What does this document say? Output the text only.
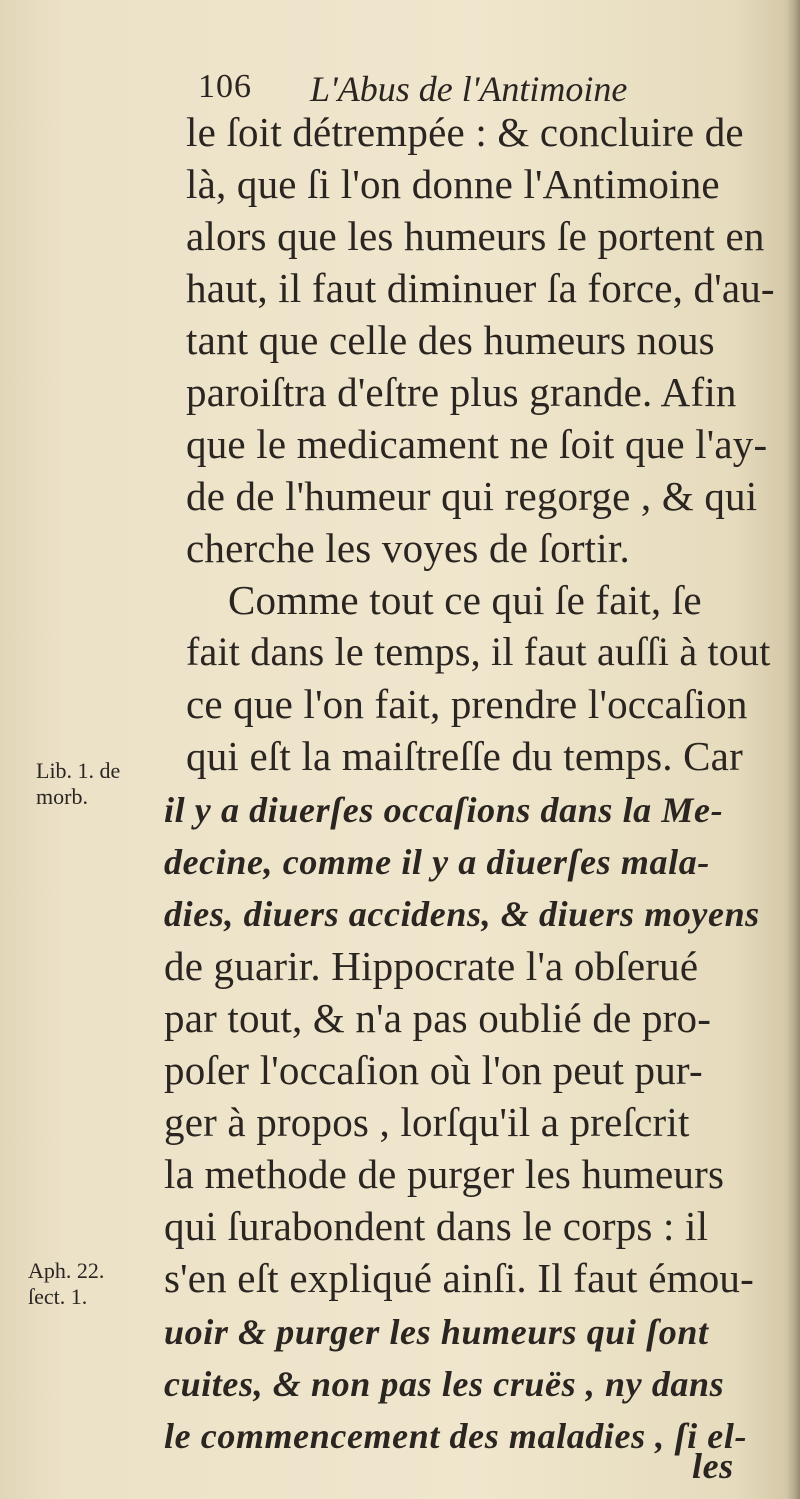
106 L'Abus de l'Antimoine
le ſoit détrempée : & concluire de
là, que ſi l'on donne l'Antimoine
alors que les humeurs ſe portent en
haut, il faut diminuer ſa force, d'au-
tant que celle des humeurs nous
paroiſtra d'eſtre plus grande. Afin
que le medicament ne ſoit que l'ay-
de de l'humeur qui regorge , & qui
cherche les voyes de ſortir.
Comme tout ce qui ſe fait, ſe
fait dans le temps, il faut auſſi à tout
ce que l'on fait, prendre l'occaſion
qui eſt la maiſtreſſe du temps. Car
il y a diuerſes occaſions dans la Me-
decine, comme il y a diuerſes mala-
dies, diuers accidens, & diuers moyens
de guarir. Hippocrate l'a obſerué
par tout, & n'a pas oublié de pro-
poſer l'occaſion où l'on peut pur-
ger à propos , lorſqu'il a preſcrit
la methode de purger les humeurs
qui ſurabondent dans le corps : il
s'en eſt expliqué ainſi. Il faut émou-
uoir & purger les humeurs qui ſont
cuites, & non pas les cruës , ny dans
le commencement des maladies , ſi el-
les
Lib. 1. de
morb.
Aph. 22.
ſect. 1.
